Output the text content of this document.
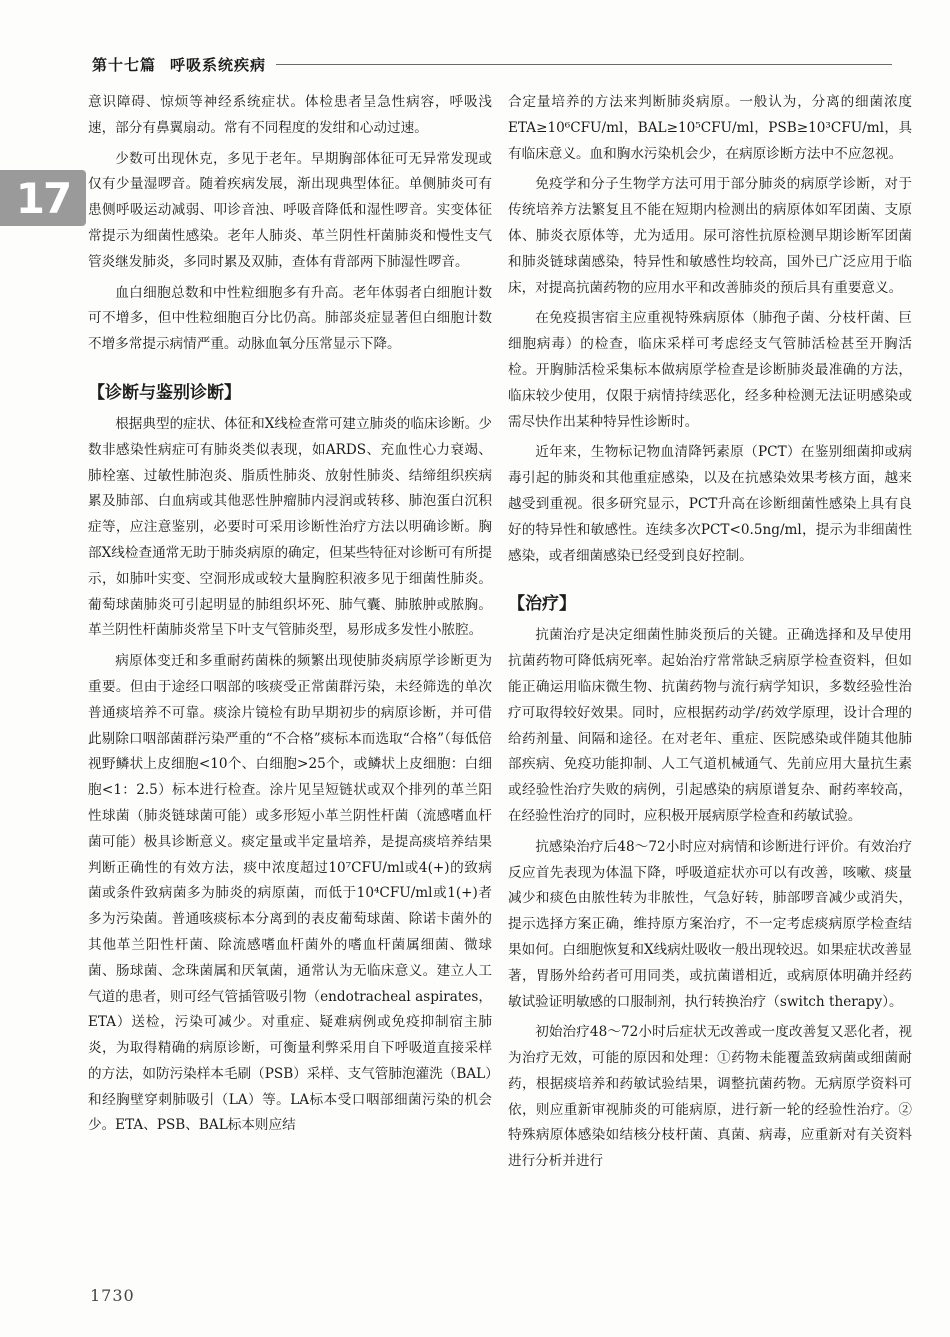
第十七篇 呼吸系统疾病
17

意识障碍、惊烦等神经系统症状。体检患者呈急性病容，呼吸浅速，部分有鼻翼扇动。常有不同程度的发绀和心动过速。

少数可出现休克，多见于老年。早期胸部体征可无异常发现或仅有少量湿啰音。随着疾病发展，渐出现典型体征。单侧肺炎可有患侧呼吸运动减弱、叩诊音浊、呼吸音降低和湿性啰音。实变体征常提示为细菌性感染。老年人肺炎、革兰阴性杆菌肺炎和慢性支气管炎继发肺炎，多同时累及双肺，查体有背部两下肺湿性啰音。

血白细胞总数和中性粒细胞多有升高。老年体弱者白细胞计数可不增多，但中性粒细胞百分比仍高。肺部炎症显著但白细胞计数不增多常提示病情严重。动脉血氧分压常显示下降。

【诊断与鉴别诊断】

根据典型的症状、体征和X线检查常可建立肺炎的临床诊断。少数非感染性病症可有肺炎类似表现，如ARDS、充血性心力衰竭、肺栓塞、过敏性肺泡炎、脂质性肺炎、放射性肺炎、结缔组织疾病累及肺部、白血病或其他恶性肿瘤肺内浸润或转移、肺泡蛋白沉积症等，应注意鉴别，必要时可采用诊断性治疗方法以明确诊断。胸部X线检查通常无助于肺炎病原的确定，但某些特征对诊断可有所提示，如肺叶实变、空洞形成或较大量胸腔积液多见于细菌性肺炎。葡萄球菌肺炎可引起明显的肺组织坏死、肺气囊、肺脓肿或脓胸。革兰阴性杆菌肺炎常呈下叶支气管肺炎型，易形成多发性小脓腔。

病原体变迁和多重耐药菌株的频繁出现使肺炎病原学诊断更为重要。但由于途经口咽部的咳痰受正常菌群污染，未经筛选的单次普通痰培养不可靠。痰涂片镜检有助早期初步的病原诊断，并可借此剔除口咽部菌群污染严重的“不合格”痰标本而选取“合格”（每低倍视野鳞状上皮细胞<10个、白细胞>25个，或鳞状上皮细胞：白细胞<1：2.5）标本进行检查。涂片见呈短链状或双个排列的革兰阳性球菌（肺炎链球菌可能）或多形短小革兰阴性杆菌（流感嗜血杆菌可能）极具诊断意义。痰定量或半定量培养，是提高痰培养结果判断正确性的有效方法，痰中浓度超过10⁷CFU/ml或4(+)的致病菌或条件致病菌多为肺炎的病原菌，而低于10⁴CFU/ml或1(+)者多为污染菌。普通咳痰标本分离到的表皮葡萄球菌、除诺卡菌外的其他革兰阳性杆菌、除流感嗜血杆菌外的嗜血杆菌属细菌、微球菌、肠球菌、念珠菌属和厌氧菌，通常认为无临床意义。建立人工气道的患者，则可经气管插管吸引物（endotracheal aspirates，ETA）送检，污染可减少。对重症、疑难病例或免疫抑制宿主肺炎，为取得精确的病原诊断，可衡量利弊采用自下呼吸道直接采样的方法，如防污染样本毛刷（PSB）采样、支气管肺泡灌洗（BAL）和经胸壁穿刺肺吸引（LA）等。LA标本受口咽部细菌污染的机会少。ETA、PSB、BAL标本则应结

合定量培养的方法来判断肺炎病原。一般认为，分离的细菌浓度ETA≥10⁶CFU/ml，BAL≥10⁵CFU/ml，PSB≥10³CFU/ml，具有临床意义。血和胸水污染机会少，在病原诊断方法中不应忽视。

免疫学和分子生物学方法可用于部分肺炎的病原学诊断，对于传统培养方法繁复且不能在短期内检测出的病原体如军团菌、支原体、肺炎衣原体等，尤为适用。尿可溶性抗原检测早期诊断军团菌和肺炎链球菌感染，特异性和敏感性均较高，国外已广泛应用于临床，对提高抗菌药物的应用水平和改善肺炎的预后具有重要意义。

在免疫损害宿主应重视特殊病原体（肺孢子菌、分枝杆菌、巨细胞病毒）的检查，临床采样可考虑经支气管肺活检甚至开胸活检。开胸肺活检采集标本做病原学检查是诊断肺炎最准确的方法，临床较少使用，仅限于病情持续恶化，经多种检测无法证明感染或需尽快作出某种特异性诊断时。

近年来，生物标记物血清降钙素原（PCT）在鉴别细菌抑或病毒引起的肺炎和其他重症感染，以及在抗感染效果考核方面，越来越受到重视。很多研究显示，PCT升高在诊断细菌性感染上具有良好的特异性和敏感性。连续多次PCT<0.5ng/ml，提示为非细菌性感染，或者细菌感染已经受到良好控制。

【治疗】

抗菌治疗是决定细菌性肺炎预后的关键。正确选择和及早使用抗菌药物可降低病死率。起始治疗常常缺乏病原学检查资料，但如能正确运用临床微生物、抗菌药物与流行病学知识，多数经验性治疗可取得较好效果。同时，应根据药动学/药效学原理，设计合理的给药剂量、间隔和途径。在对老年、重症、医院感染或伴随其他肺部疾病、免疫功能抑制、人工气道机械通气、先前应用大量抗生素或经验性治疗失败的病例，引起感染的病原谱复杂、耐药率较高，在经验性治疗的同时，应积极开展病原学检查和药敏试验。

抗感染治疗后48～72小时应对病情和诊断进行评价。有效治疗反应首先表现为体温下降，呼吸道症状亦可以有改善，咳嗽、痰量减少和痰色由脓性转为非脓性，气急好转，肺部啰音减少或消失，提示选择方案正确，维持原方案治疗，不一定考虑痰病原学检查结果如何。白细胞恢复和X线病灶吸收一般出现较迟。如果症状改善显著，胃肠外给药者可用同类，或抗菌谱相近，或病原体明确并经药敏试验证明敏感的口服制剂，执行转换治疗（switch therapy）。

初始治疗48～72小时后症状无改善或一度改善复又恶化者，视为治疗无效，可能的原因和处理：①药物未能覆盖致病菌或细菌耐药，根据痰培养和药敏试验结果，调整抗菌药物。无病原学资料可依，则应重新审视肺炎的可能病原，进行新一轮的经验性治疗。②特殊病原体感染如结核分枝杆菌、真菌、病毒，应重新对有关资料进行分析并进行

1730
